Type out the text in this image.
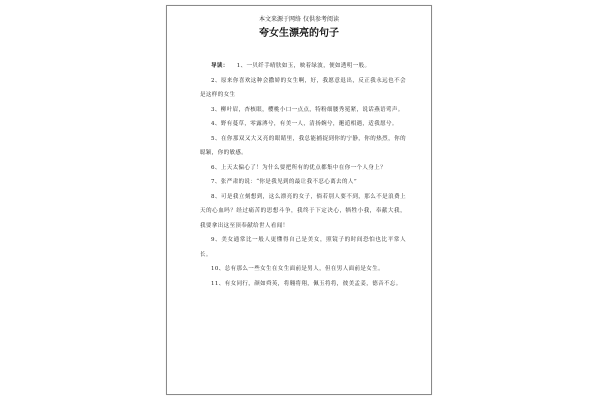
本文来源于网络 仅供参考阅读
夸女生漂亮的句子

导读： 1、一贝纤手晴肤如玉，映着绿波，便如透明一般。

2、原来你喜欢这种会撒娇的女生啊，好，我愿意退出，反正我永远也不会是这样的女生

3、柳叶眉，杏核眼，樱桃小口一点点，特粉细腰秀冕紧，说话燕语莺声。

4、野有蔓草，零露漙兮，有美一人，清扬婉兮，邂逅相遇，适我愿兮。

5、在你那双又大又亮的眼睛里，我总能捕捉到你的宁静，你的热烈，你的聪颖，你的敏感。

6、上天太偏心了！为什么要把所有的优点都集中在你一个人身上？

7、张严肃的说：“你是我见到的最让我不忍心离去的人”

8、可是我立刻想到，这么漂亮的女子，倘若别人要不到，那么不是浪费上天的心血吗？经过痛苦的思想斗争，我终于下定决心，牺牲小我，奉献大我，我要拿出这至顶奉献给世人看闻！

9、美女通常比一般人更懂得自己是美女，照镜子的时间恐怕也比平常人长。

10、总有那么一些女生在女生面前是男人，但在男人面前是女生。

11、有女同行，颜如舜英，将翱将翔，佩玉将将，彼美孟姜，德音不忘。
